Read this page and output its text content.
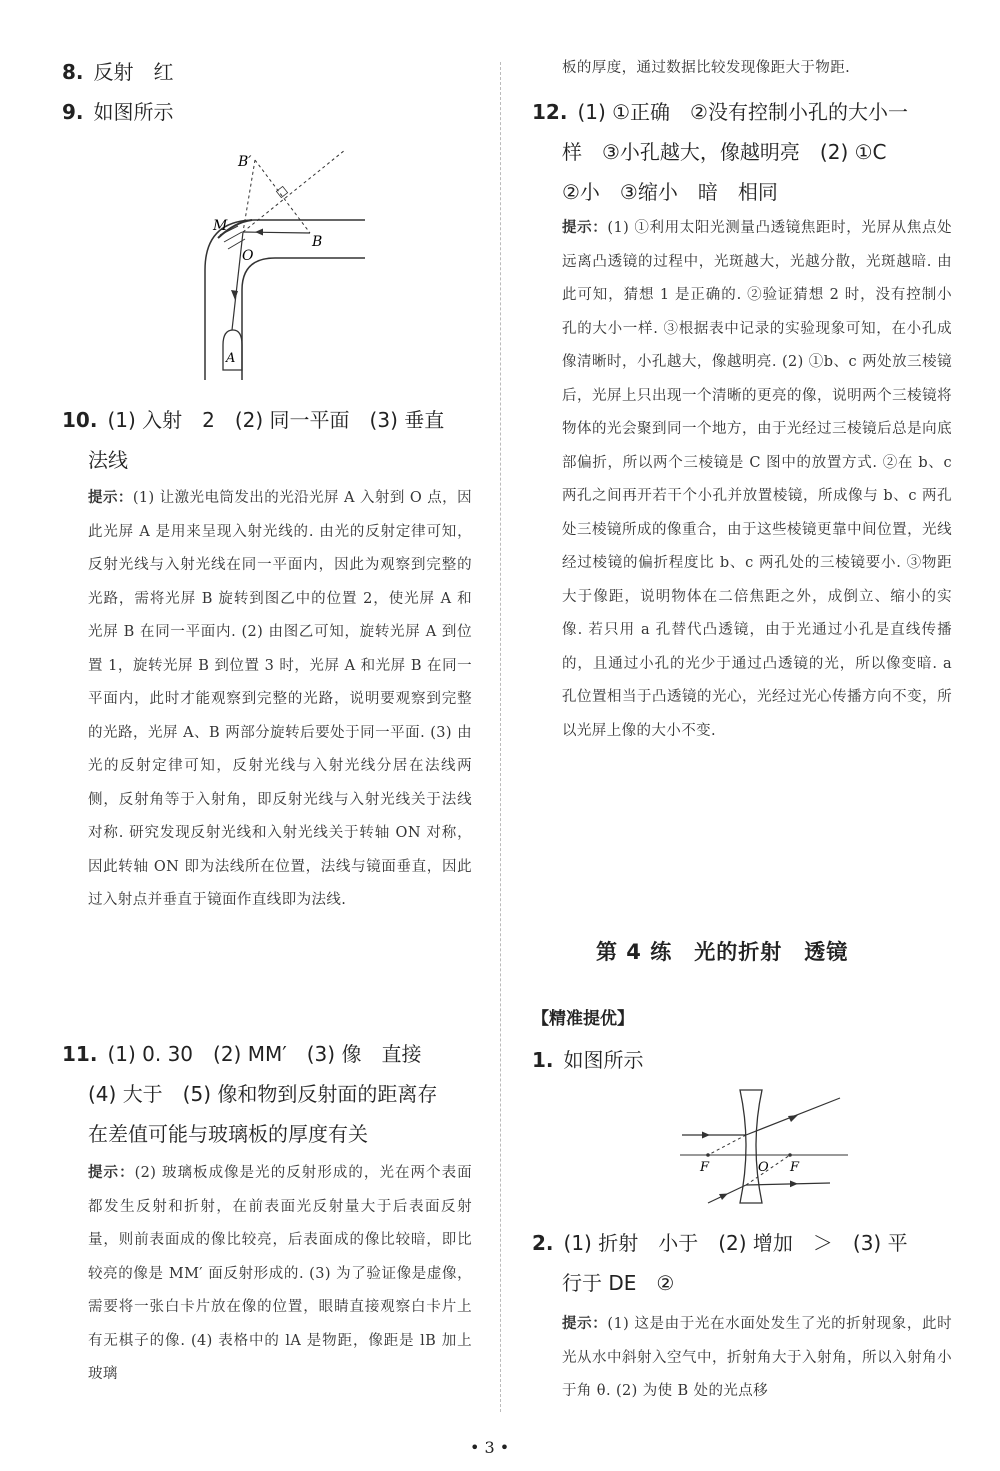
8. 反射　红
9. 如图所示
B′
M
B
O
A
10. (1) 入射　2　(2) 同一平面　(3) 垂直
法线
提示：(1) 让激光电筒发出的光沿光屏 A 入射到 O 点，因此光屏 A 是用来呈现入射光线的. 由光的反射定律可知，反射光线与入射光线在同一平面内，因此为观察到完整的光路，需将光屏 B 旋转到图乙中的位置 2，使光屏 A 和光屏 B 在同一平面内. (2) 由图乙可知，旋转光屏 A 到位置 1，旋转光屏 B 到位置 3 时，光屏 A 和光屏 B 在同一平面内，此时才能观察到完整的光路，说明要观察到完整的光路，光屏 A、B 两部分旋转后要处于同一平面. (3) 由光的反射定律可知，反射光线与入射光线分居在法线两侧，反射角等于入射角，即反射光线与入射光线关于法线对称. 研究发现反射光线和入射光线关于转轴 ON 对称，因此转轴 ON 即为法线所在位置，法线与镜面垂直，因此过入射点并垂直于镜面作直线即为法线.
11. (1) 0. 30　(2) MM′　(3) 像　直接
(4) 大于　(5) 像和物到反射面的距离存
在差值可能与玻璃板的厚度有关
提示：(2) 玻璃板成像是光的反射形成的，光在两个表面都发生反射和折射，在前表面光反射量大于后表面反射量，则前表面成的像比较亮，后表面成的像比较暗，即比较亮的像是 MM′ 面反射形成的. (3) 为了验证像是虚像，需要将一张白卡片放在像的位置，眼睛直接观察白卡片上有无棋子的像. (4) 表格中的 lA 是物距，像距是 lB 加上玻璃
板的厚度，通过数据比较发现像距大于物距.
12. (1) ①正确　②没有控制小孔的大小一
样　③小孔越大，像越明亮　(2) ①C
②小　③缩小　暗　相同
提示：(1) ①利用太阳光测量凸透镜焦距时，光屏从焦点处远离凸透镜的过程中，光斑越大，光越分散，光斑越暗. 由此可知，猜想 1 是正确的. ②验证猜想 2 时，没有控制小孔的大小一样. ③根据表中记录的实验现象可知，在小孔成像清晰时，小孔越大，像越明亮. (2) ①b、c 两处放三棱镜后，光屏上只出现一个清晰的更亮的像，说明两个三棱镜将物体的光会聚到同一个地方，由于光经过三棱镜后总是向底部偏折，所以两个三棱镜是 C 图中的放置方式. ②在 b、c 两孔之间再开若干个小孔并放置棱镜，所成像与 b、c 两孔处三棱镜所成的像重合，由于这些棱镜更靠中间位置，光线经过棱镜的偏折程度比 b、c 两孔处的三棱镜要小. ③物距大于像距，说明物体在二倍焦距之外，成倒立、缩小的实像. 若只用 a 孔替代凸透镜，由于光通过小孔是直线传播的，且通过小孔的光少于通过凸透镜的光，所以像变暗. a 孔位置相当于凸透镜的光心，光经过光心传播方向不变，所以光屏上像的大小不变.
第 4 练　光的折射　透镜
【精准提优】
1. 如图所示
F	O F
2. (1) 折射　小于　(2) 增加　＞　(3) 平
行于 DE　②
提示：(1) 这是由于光在水面处发生了光的折射现象，此时光从水中斜射入空气中，折射角大于入射角，所以入射角小于角 θ. (2) 为使 B 处的光点移
• 3 •
